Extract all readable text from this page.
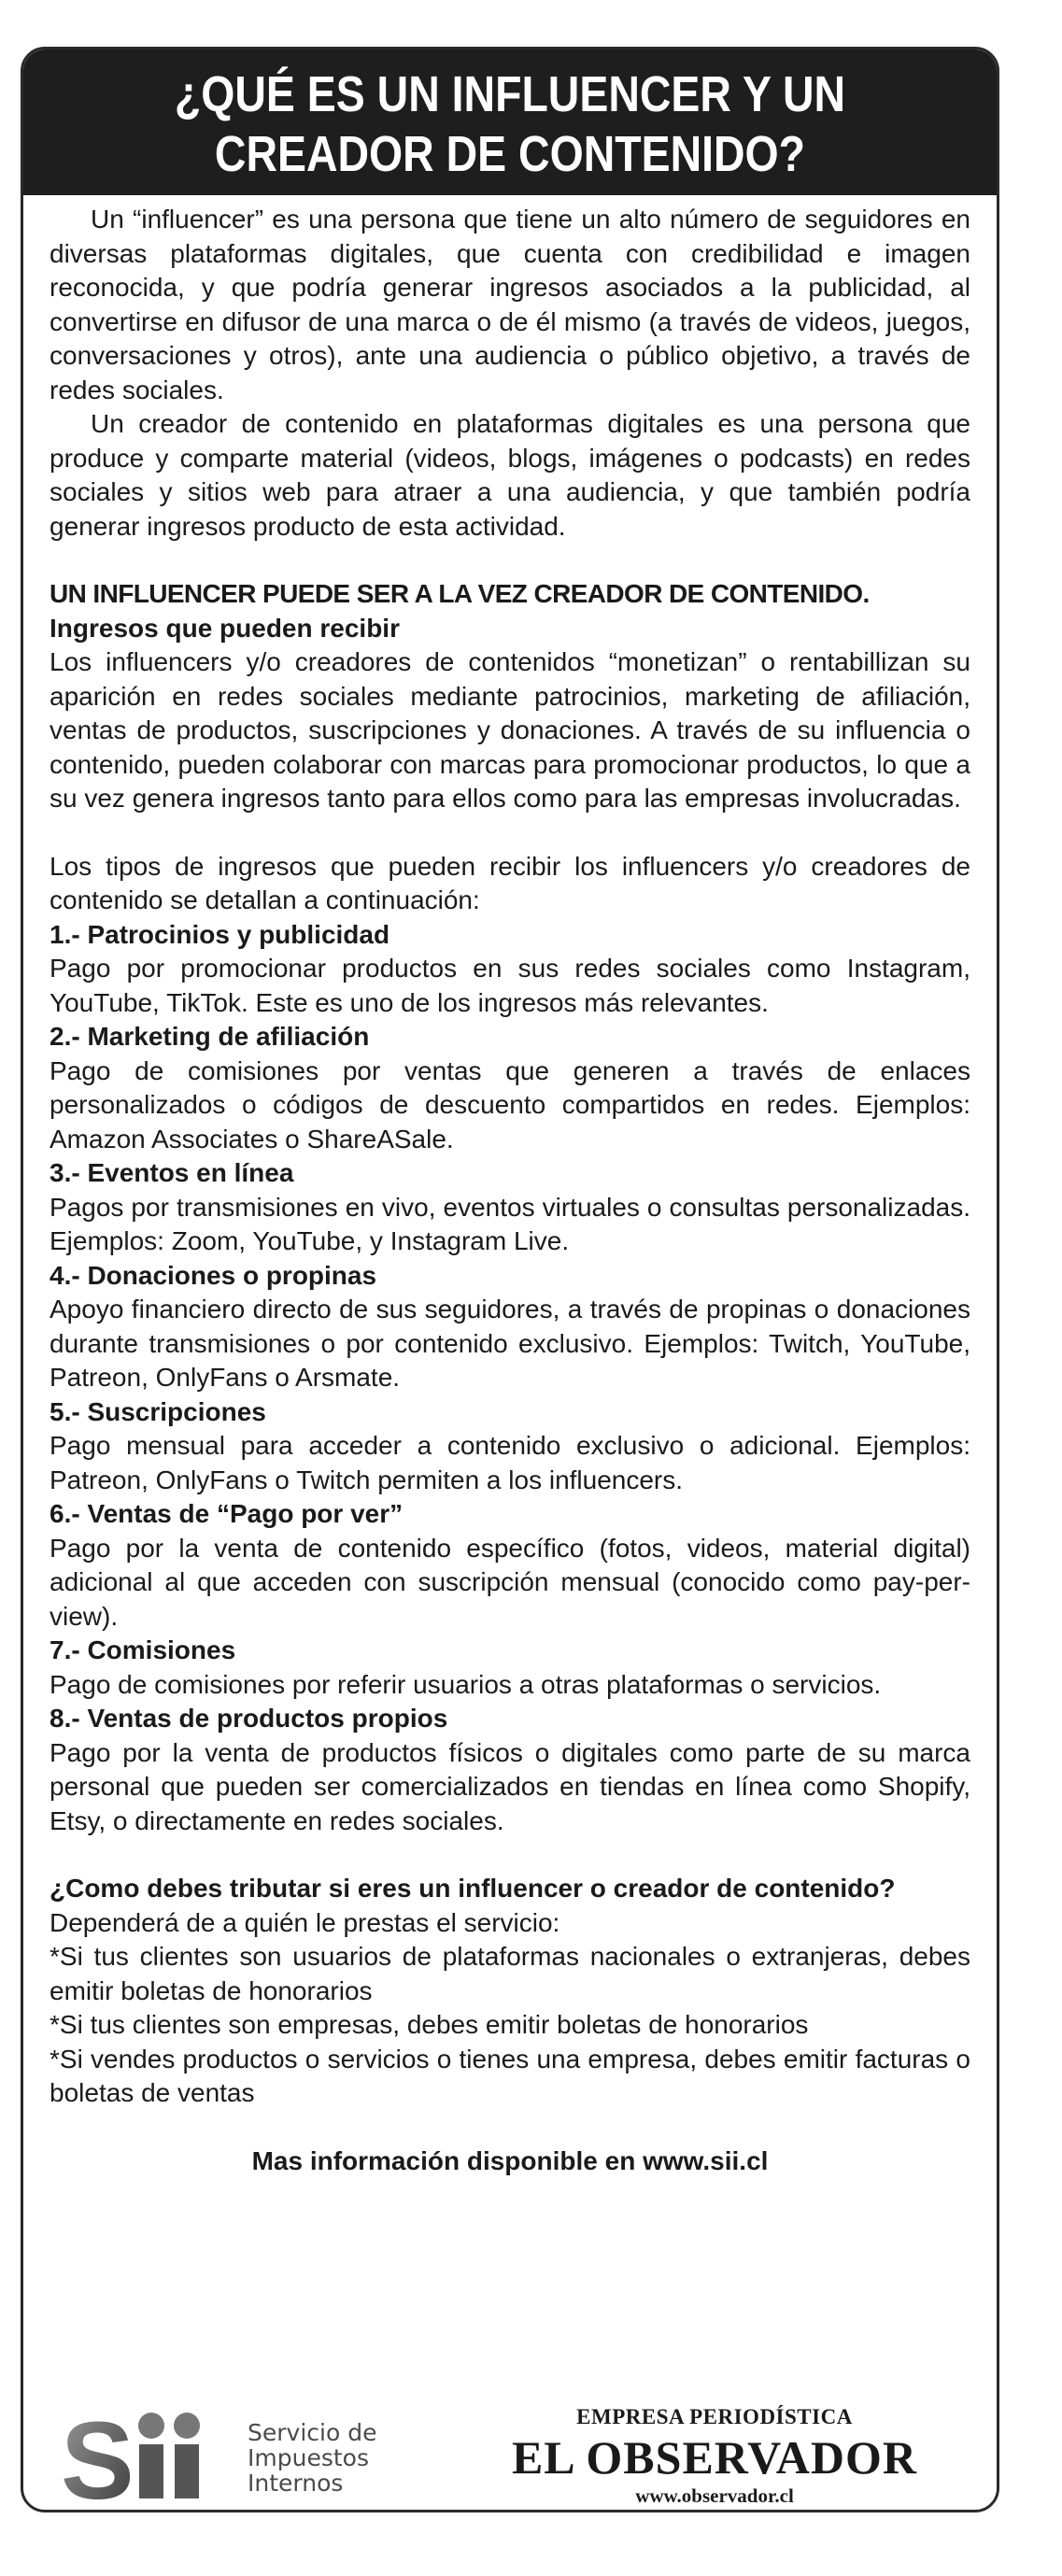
¿QUÉ ES UN INFLUENCER Y UN CREADOR DE CONTENIDO?

Un “influencer” es una persona que tiene un alto número de seguidores en diversas plataformas digitales, que cuenta con credibilidad e imagen reconocida, y que podría generar ingresos asociados a la publicidad, al convertirse en difusor de una marca o de él mismo (a través de videos, juegos, conversaciones y otros), ante una audiencia o público objetivo, a través de redes sociales.

Un creador de contenido en plataformas digitales es una persona que produce y comparte material (videos, blogs, imágenes o podcasts) en redes sociales y sitios web para atraer a una audiencia, y que también podría generar ingresos producto de esta actividad.

UN INFLUENCER PUEDE SER A LA VEZ CREADOR DE CONTENIDO.

Ingresos que pueden recibir

Los influencers y/o creadores de contenidos “monetizan” o rentabillizan su aparición en redes sociales mediante patrocinios, marketing de afiliación, ventas de productos, suscripciones y donaciones. A través de su influencia o contenido, pueden colaborar con marcas para promocionar productos, lo que a su vez genera ingresos tanto para ellos como para las empresas involucradas.

Los tipos de ingresos que pueden recibir los influencers y/o creadores de contenido se detallan a continuación:

1.- Patrocinios y publicidad

Pago por promocionar productos en sus redes sociales como Instagram, YouTube, TikTok. Este es uno de los ingresos más relevantes.

2.- Marketing de afiliación

Pago de comisiones por ventas que generen a través de enlaces personalizados o códigos de descuento compartidos en redes. Ejemplos: Amazon Associates o ShareASale.

3.- Eventos en línea

Pagos por transmisiones en vivo, eventos virtuales o consultas personalizadas. Ejemplos: Zoom, YouTube, y Instagram Live.

4.- Donaciones o propinas

Apoyo financiero directo de sus seguidores, a través de propinas o donaciones durante transmisiones o por contenido exclusivo. Ejemplos: Twitch, YouTube, Patreon, OnlyFans o Arsmate.

5.- Suscripciones

Pago mensual para acceder a contenido exclusivo o adicional. Ejemplos: Patreon, OnlyFans o Twitch permiten a los influencers.

6.- Ventas de “Pago por ver”

Pago por la venta de contenido específico (fotos, videos, material digital) adicional al que acceden con suscripción mensual (conocido como pay-per-view).

7.- Comisiones

Pago de comisiones por referir usuarios a otras plataformas o servicios.

8.- Ventas de productos propios

Pago por la venta de productos físicos o digitales como parte de su marca personal que pueden ser comercializados en tiendas en línea como Shopify, Etsy, o directamente en redes sociales.

¿Como debes tributar si eres un influencer o creador de contenido?

Dependerá de a quién le prestas el servicio:

*Si tus clientes son usuarios de plataformas nacionales o extranjeras, debes emitir boletas de honorarios

*Si tus clientes son empresas, debes emitir boletas de honorarios

*Si vendes productos o servicios o tienes una empresa, debes emitir facturas o boletas de ventas

Mas información disponible en www.sii.cl

S	Servicio de
Impuestos
Internos
EMPRESA PERIODÍSTICA
EL OBSERVADOR
www.observador.cl
